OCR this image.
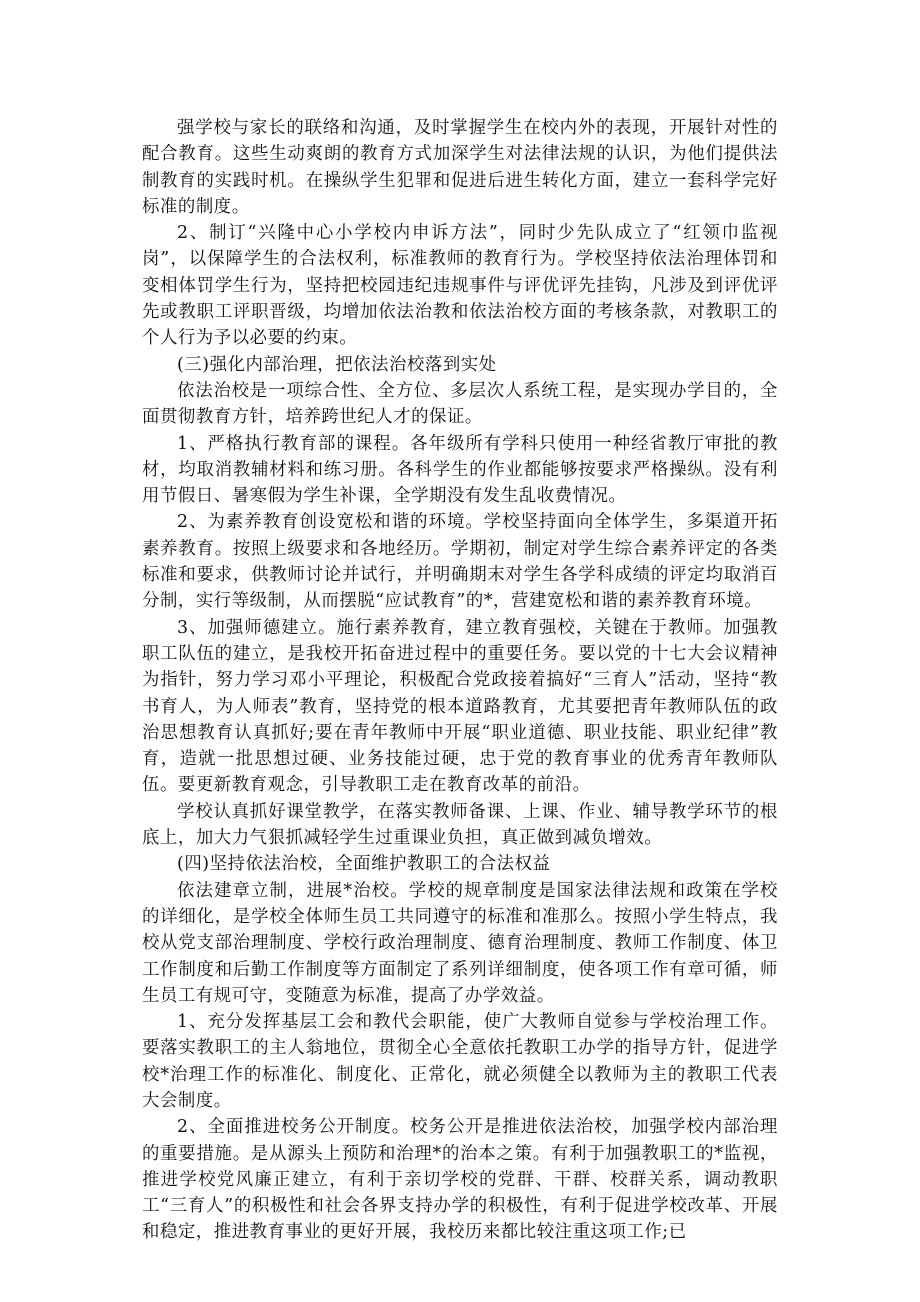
强学校与家长的联络和沟通，及时掌握学生在校内外的表现，开展针对性的配合教育。这些生动爽朗的教育方式加深学生对法律法规的认识，为他们提供法制教育的实践时机。在操纵学生犯罪和促进后进生转化方面，建立一套科学完好标准的制度。

2、制订“兴隆中心小学校内申诉方法”，同时少先队成立了“红领巾监视岗”，以保障学生的合法权利，标准教师的教育行为。学校坚持依法治理体罚和变相体罚学生行为，坚持把校园违纪违规事件与评优评先挂钩，凡涉及到评优评先或教职工评职晋级，均增加依法治教和依法治校方面的考核条款，对教职工的个人行为予以必要的约束。

(三)强化内部治理，把依法治校落到实处

依法治校是一项综合性、全方位、多层次人系统工程，是实现办学目的，全面贯彻教育方针，培养跨世纪人才的保证。

1、严格执行教育部的课程。各年级所有学科只使用一种经省教厅审批的教材，均取消教辅材料和练习册。各科学生的作业都能够按要求严格操纵。没有利用节假日、暑寒假为学生补课，全学期没有发生乱收费情况。

2、为素养教育创设宽松和谐的环境。学校坚持面向全体学生，多渠道开拓素养教育。按照上级要求和各地经历。学期初，制定对学生综合素养评定的各类标准和要求，供教师讨论并试行，并明确期末对学生各学科成绩的评定均取消百分制，实行等级制，从而摆脱“应试教育”的*，营建宽松和谐的素养教育环境。

3、加强师德建立。施行素养教育，建立教育强校，关键在于教师。加强教职工队伍的建立，是我校开拓奋进过程中的重要任务。要以党的十七大会议精神为指针，努力学习邓小平理论，积极配合党政接着搞好“三育人”活动，坚持“教书育人，为人师表”教育，坚持党的根本道路教育，尤其要把青年教师队伍的政治思想教育认真抓好;要在青年教师中开展“职业道德、职业技能、职业纪律”教育，造就一批思想过硬、业务技能过硬，忠于党的教育事业的优秀青年教师队伍。要更新教育观念，引导教职工走在教育改革的前沿。

学校认真抓好课堂教学，在落实教师备课、上课、作业、辅导教学环节的根底上，加大力气狠抓减轻学生过重课业负担，真正做到减负增效。

(四)坚持依法治校，全面维护教职工的合法权益

依法建章立制，进展*治校。学校的规章制度是国家法律法规和政策在学校的详细化，是学校全体师生员工共同遵守的标准和准那么。按照小学生特点，我校从党支部治理制度、学校行政治理制度、德育治理制度、教师工作制度、体卫工作制度和后勤工作制度等方面制定了系列详细制度，使各项工作有章可循，师生员工有规可守，变随意为标准，提高了办学效益。

1、充分发挥基层工会和教代会职能，使广大教师自觉参与学校治理工作。要落实教职工的主人翁地位，贯彻全心全意依托教职工办学的指导方针，促进学校*治理工作的标准化、制度化、正常化，就必须健全以教师为主的教职工代表大会制度。

2、全面推进校务公开制度。校务公开是推进依法治校，加强学校内部治理的重要措施。是从源头上预防和治理*的治本之策。有利于加强教职工的*监视，推进学校党风廉正建立，有利于亲切学校的党群、干群、校群关系，调动教职工“三育人”的积极性和社会各界支持办学的积极性，有利于促进学校改革、开展和稳定，推进教育事业的更好开展，我校历来都比较注重这项工作;已
